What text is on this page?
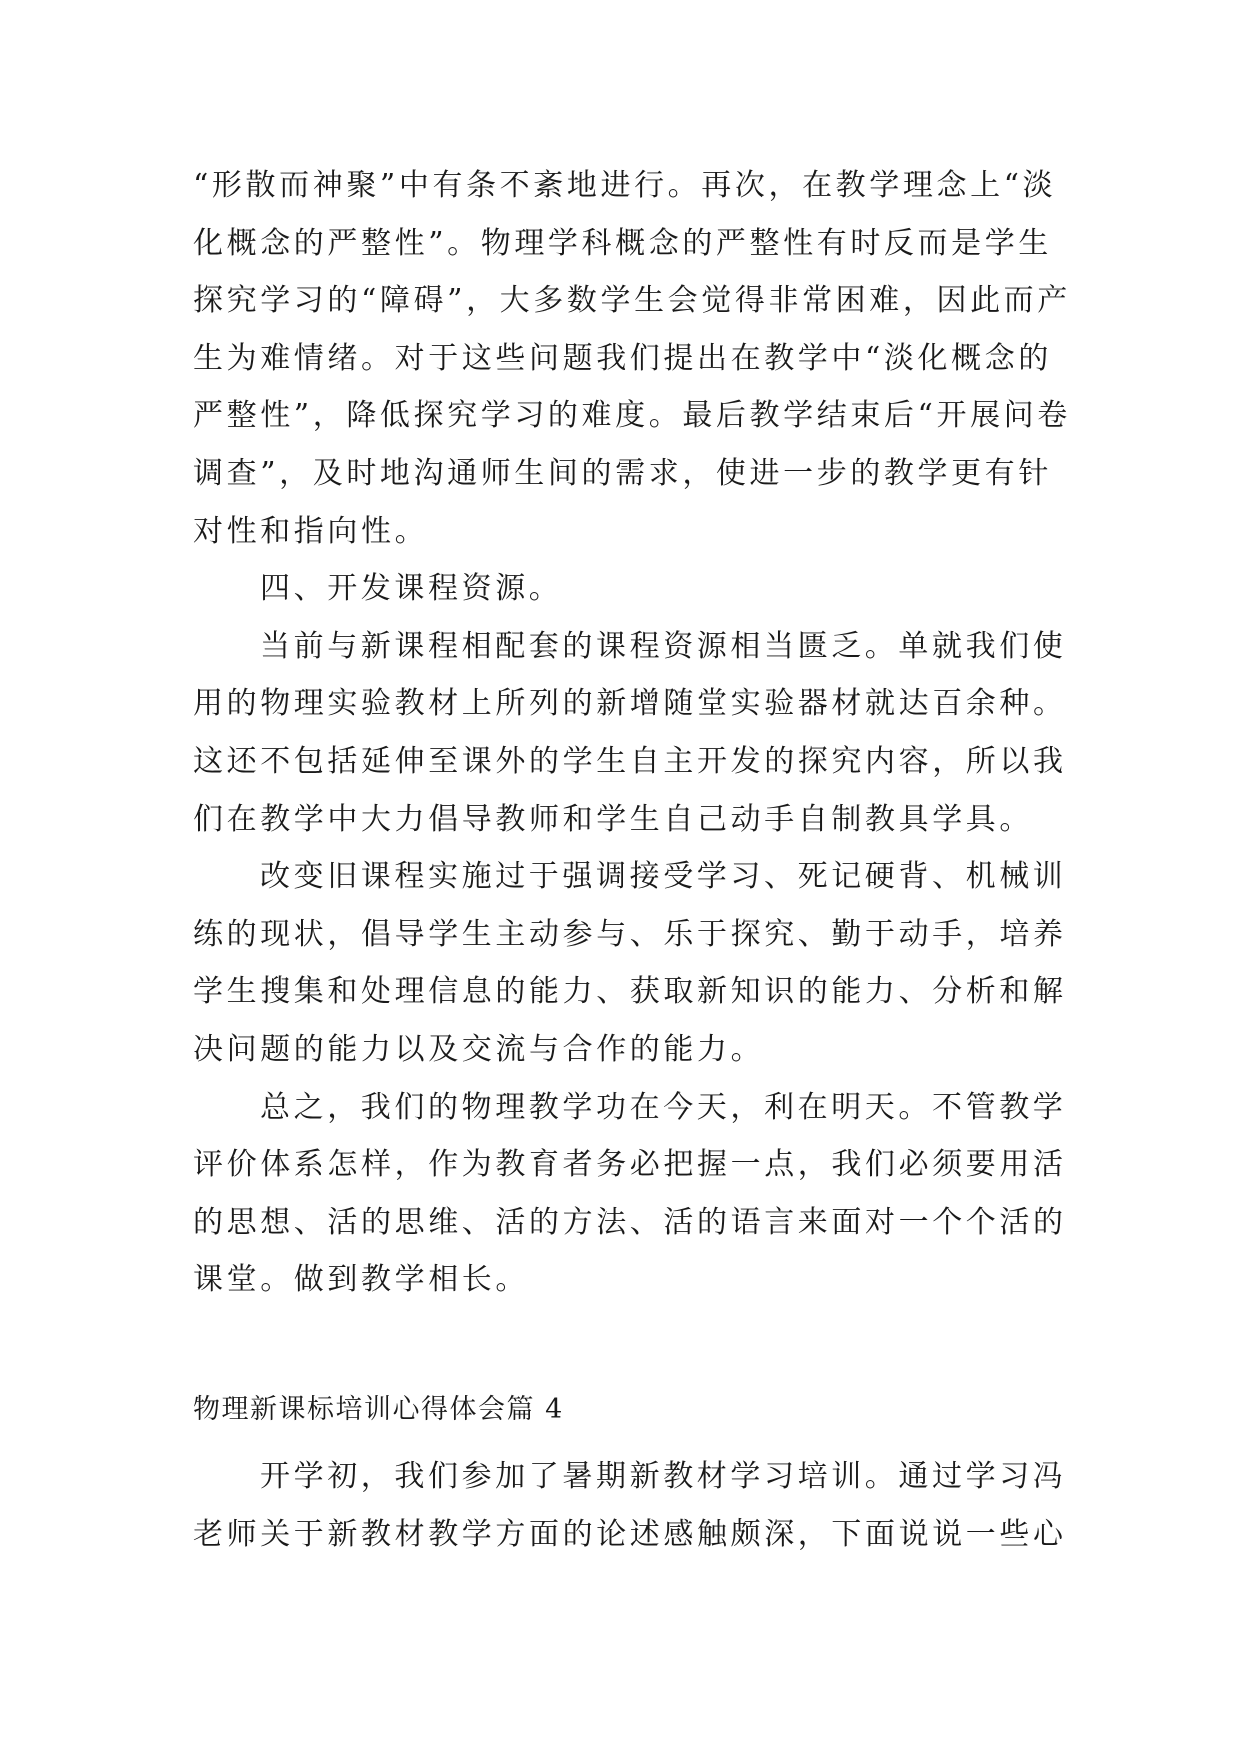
“形散而神聚”中有条不紊地进行。再次，在教学理念上“淡化概念的严整性”。物理学科概念的严整性有时反而是学生探究学习的“障碍”，大多数学生会觉得非常困难，因此而产生为难情绪。对于这些问题我们提出在教学中“淡化概念的严整性”，降低探究学习的难度。最后教学结束后“开展问卷调查”，及时地沟通师生间的需求，使进一步的教学更有针对性和指向性。

四、开发课程资源。

当前与新课程相配套的课程资源相当匮乏。单就我们使用的物理实验教材上所列的新增随堂实验器材就达百余种。这还不包括延伸至课外的学生自主开发的探究内容，所以我们在教学中大力倡导教师和学生自己动手自制教具学具。

改变旧课程实施过于强调接受学习、死记硬背、机械训练的现状，倡导学生主动参与、乐于探究、勤于动手，培养学生搜集和处理信息的能力、获取新知识的能力、分析和解决问题的能力以及交流与合作的能力。

总之，我们的物理教学功在今天，利在明天。不管教学评价体系怎样，作为教育者务必把握一点，我们必须要用活的思想、活的思维、活的方法、活的语言来面对一个个活的课堂。做到教学相长。

物理新课标培训心得体会篇 4

开学初，我们参加了暑期新教材学习培训。通过学习冯老师关于新教材教学方面的论述感触颇深，下面说说一些心
